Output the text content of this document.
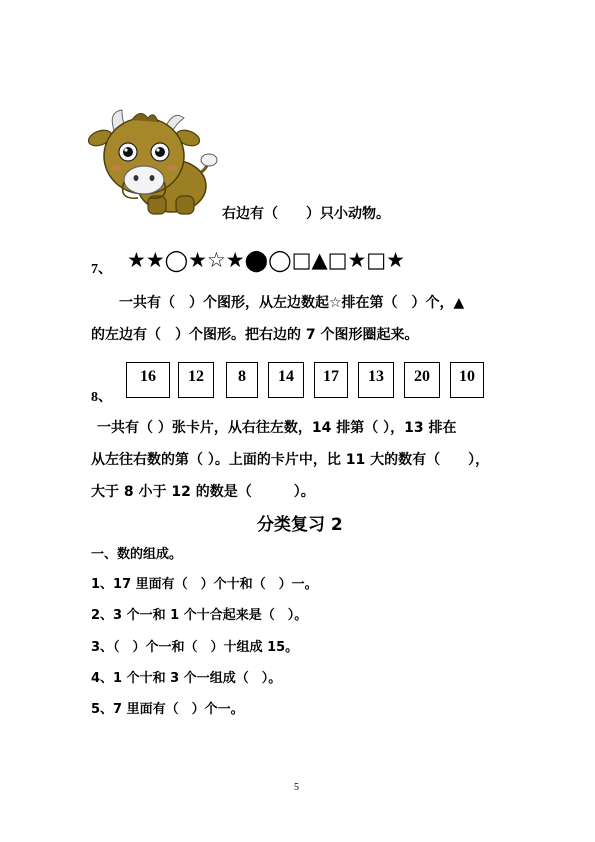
右边有（　　）只小动物。
7、 ★★◯★☆★⬤◯□▲□★□★
一共有（　）个图形，从左边数起☆排在第（　）个，▲
的左边有（　）个图形。把右边的 7 个图形圈起来。
8、
16	12	8	14	17	13	20	10
一共有（ ）张卡片，从右往左数，14 排第（ ），13 排在
从左往右数的第（ ）。上面的卡片中，比 11 大的数有（　　），
大于 8 小于 12 的数是（　　　）。
分类复习 2
一、数的组成。
1、17 里面有（　）个十和（　）一。
2、3 个一和 1 个十合起来是（　）。
3、（　）个一和（　）十组成 15。
4、1 个十和 3 个一组成（　）。
5、7 里面有（　）个一。
5
